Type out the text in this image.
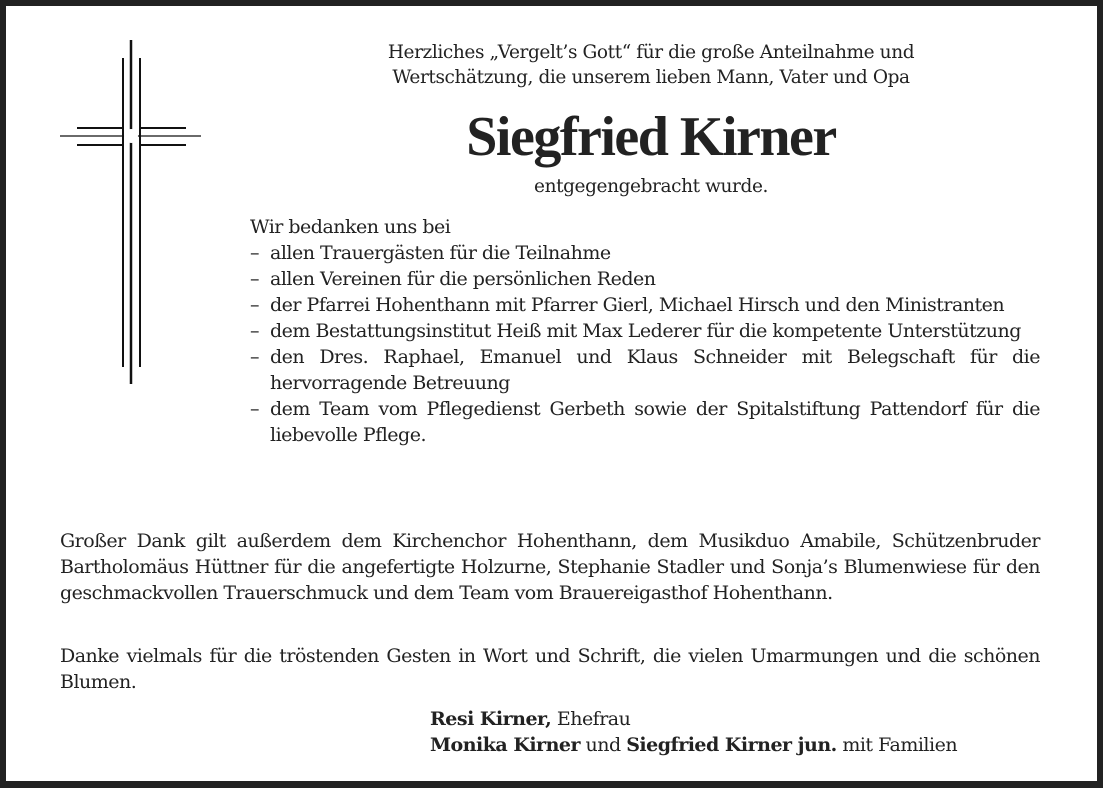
Herzliches „Vergelt’s Gott“ für die große Anteilnahme und
Wertschätzung, die unserem lieben Mann, Vater und Opa
Siegfried Kirner
entgegengebracht wurde.
Wir bedanken uns bei
– allen Trauergästen für die Teilnahme
– allen Vereinen für die persönlichen Reden
– der Pfarrei Hohenthann mit Pfarrer Gierl, Michael Hirsch und den Ministranten
– dem Bestattungsinstitut Heiß mit Max Lederer für die kompetente Unterstützung
– den Dres. Raphael, Emanuel und Klaus Schneider mit Belegschaft für die hervorragende Betreuung
– dem Team vom Pflegedienst Gerbeth sowie der Spitalstiftung Pattendorf für die liebevolle Pflege.
Großer Dank gilt außerdem dem Kirchenchor Hohenthann, dem Musikduo Amabile, Schützenbruder Bartholomäus Hüttner für die angefertigte Holzurne, Stephanie Stadler und Sonja’s Blumenwiese für den geschmackvollen Trauerschmuck und dem Team vom Brauereigasthof Hohenthann.
Danke vielmals für die tröstenden Gesten in Wort und Schrift, die vielen Umarmungen und die schönen Blumen.
Resi Kirner, Ehefrau
Monika Kirner und Siegfried Kirner jun. mit Familien
